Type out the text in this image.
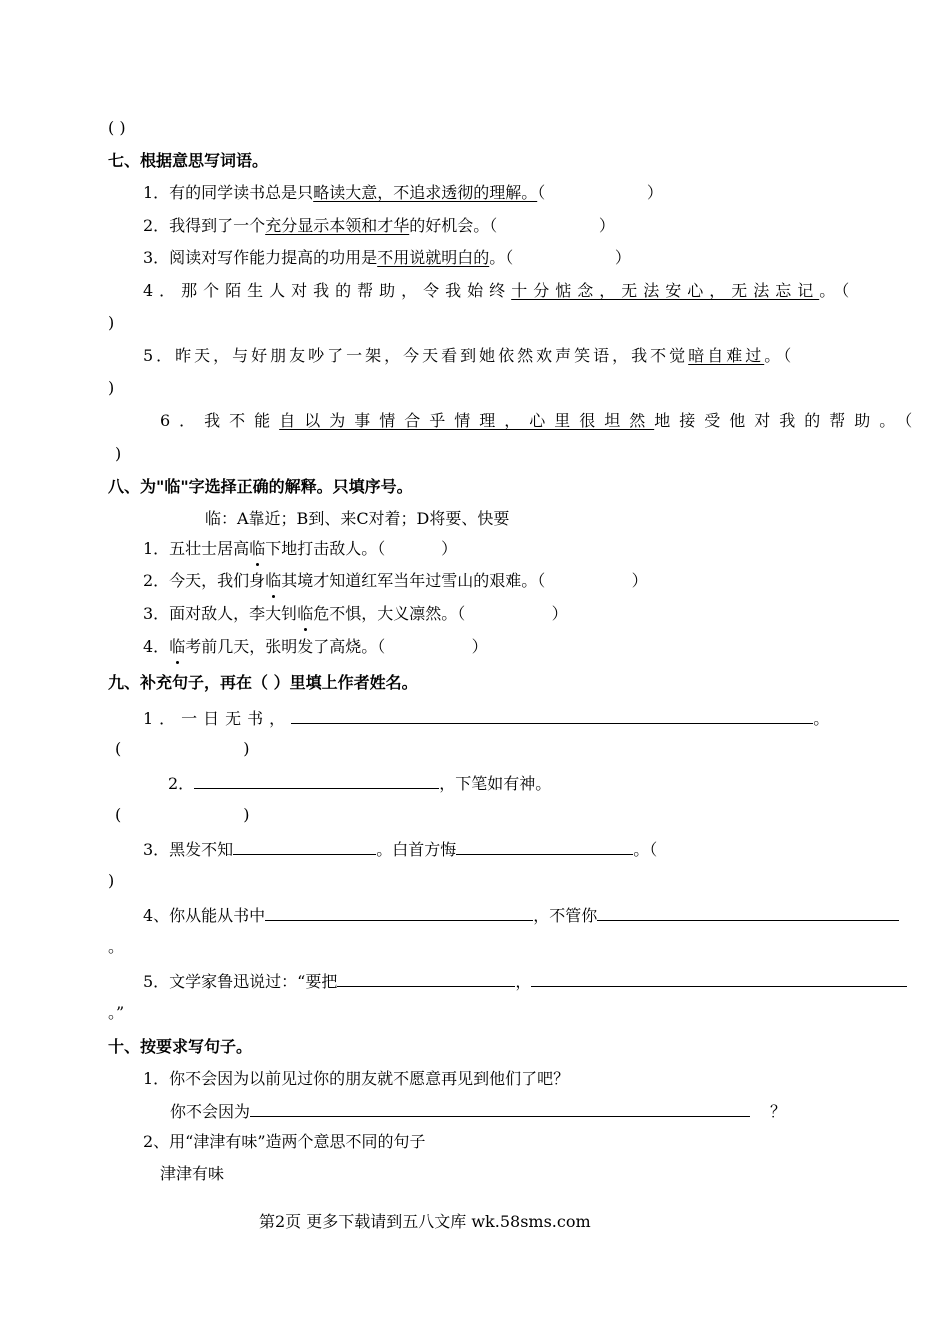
( )
七、根据意思写词语。
1．有的同学读书总是只略读大意，不追求透彻的理解。（                    ）
2．我得到了一个充分显示本领和才华的好机会。（                    ）
3．阅读对写作能力提高的功用是不用说就明白的。（                    ）
4．那个陌生人对我的帮助，令我始终十分惦念，无法安心，无法忘记。（
)
5．昨天，与好朋友吵了一架，今天看到她依然欢声笑语，我不觉暗自难过。（
)
6．我不能自以为事情合乎情理，心里很坦然地接受他对我的帮助。（
)
八、为"临"字选择正确的解释。只填序号。
临：A靠近；B到、来C对着；D将要、快要
1．五壮士居高临下地打击敌人。（           ）
2．今天，我们身临其境才知道红军当年过雪山的艰难。（                 ）
3．面对敌人，李大钊临危不惧，大义凛然。（                 ）
4．临考前几天，张明发了高烧。（                 ）
九、补充句子，再在（ ）里填上作者姓名。
1．一日无书，	。
(                        )
2．	，下笔如有神。
(                        )
3．黑发不知	。白首方悔	。（
)
4、你从能从书中	，不管你
。
5．文学家鲁迅说过：“要把	，
。”
十、按要求写句子。
1．你不会因为以前见过你的朋友就不愿意再见到他们了吧？
你不会因为	？
2、用“津津有味”造两个意思不同的句子
津津有味
第2页 更多下载请到五八文库 wk.58sms.com
